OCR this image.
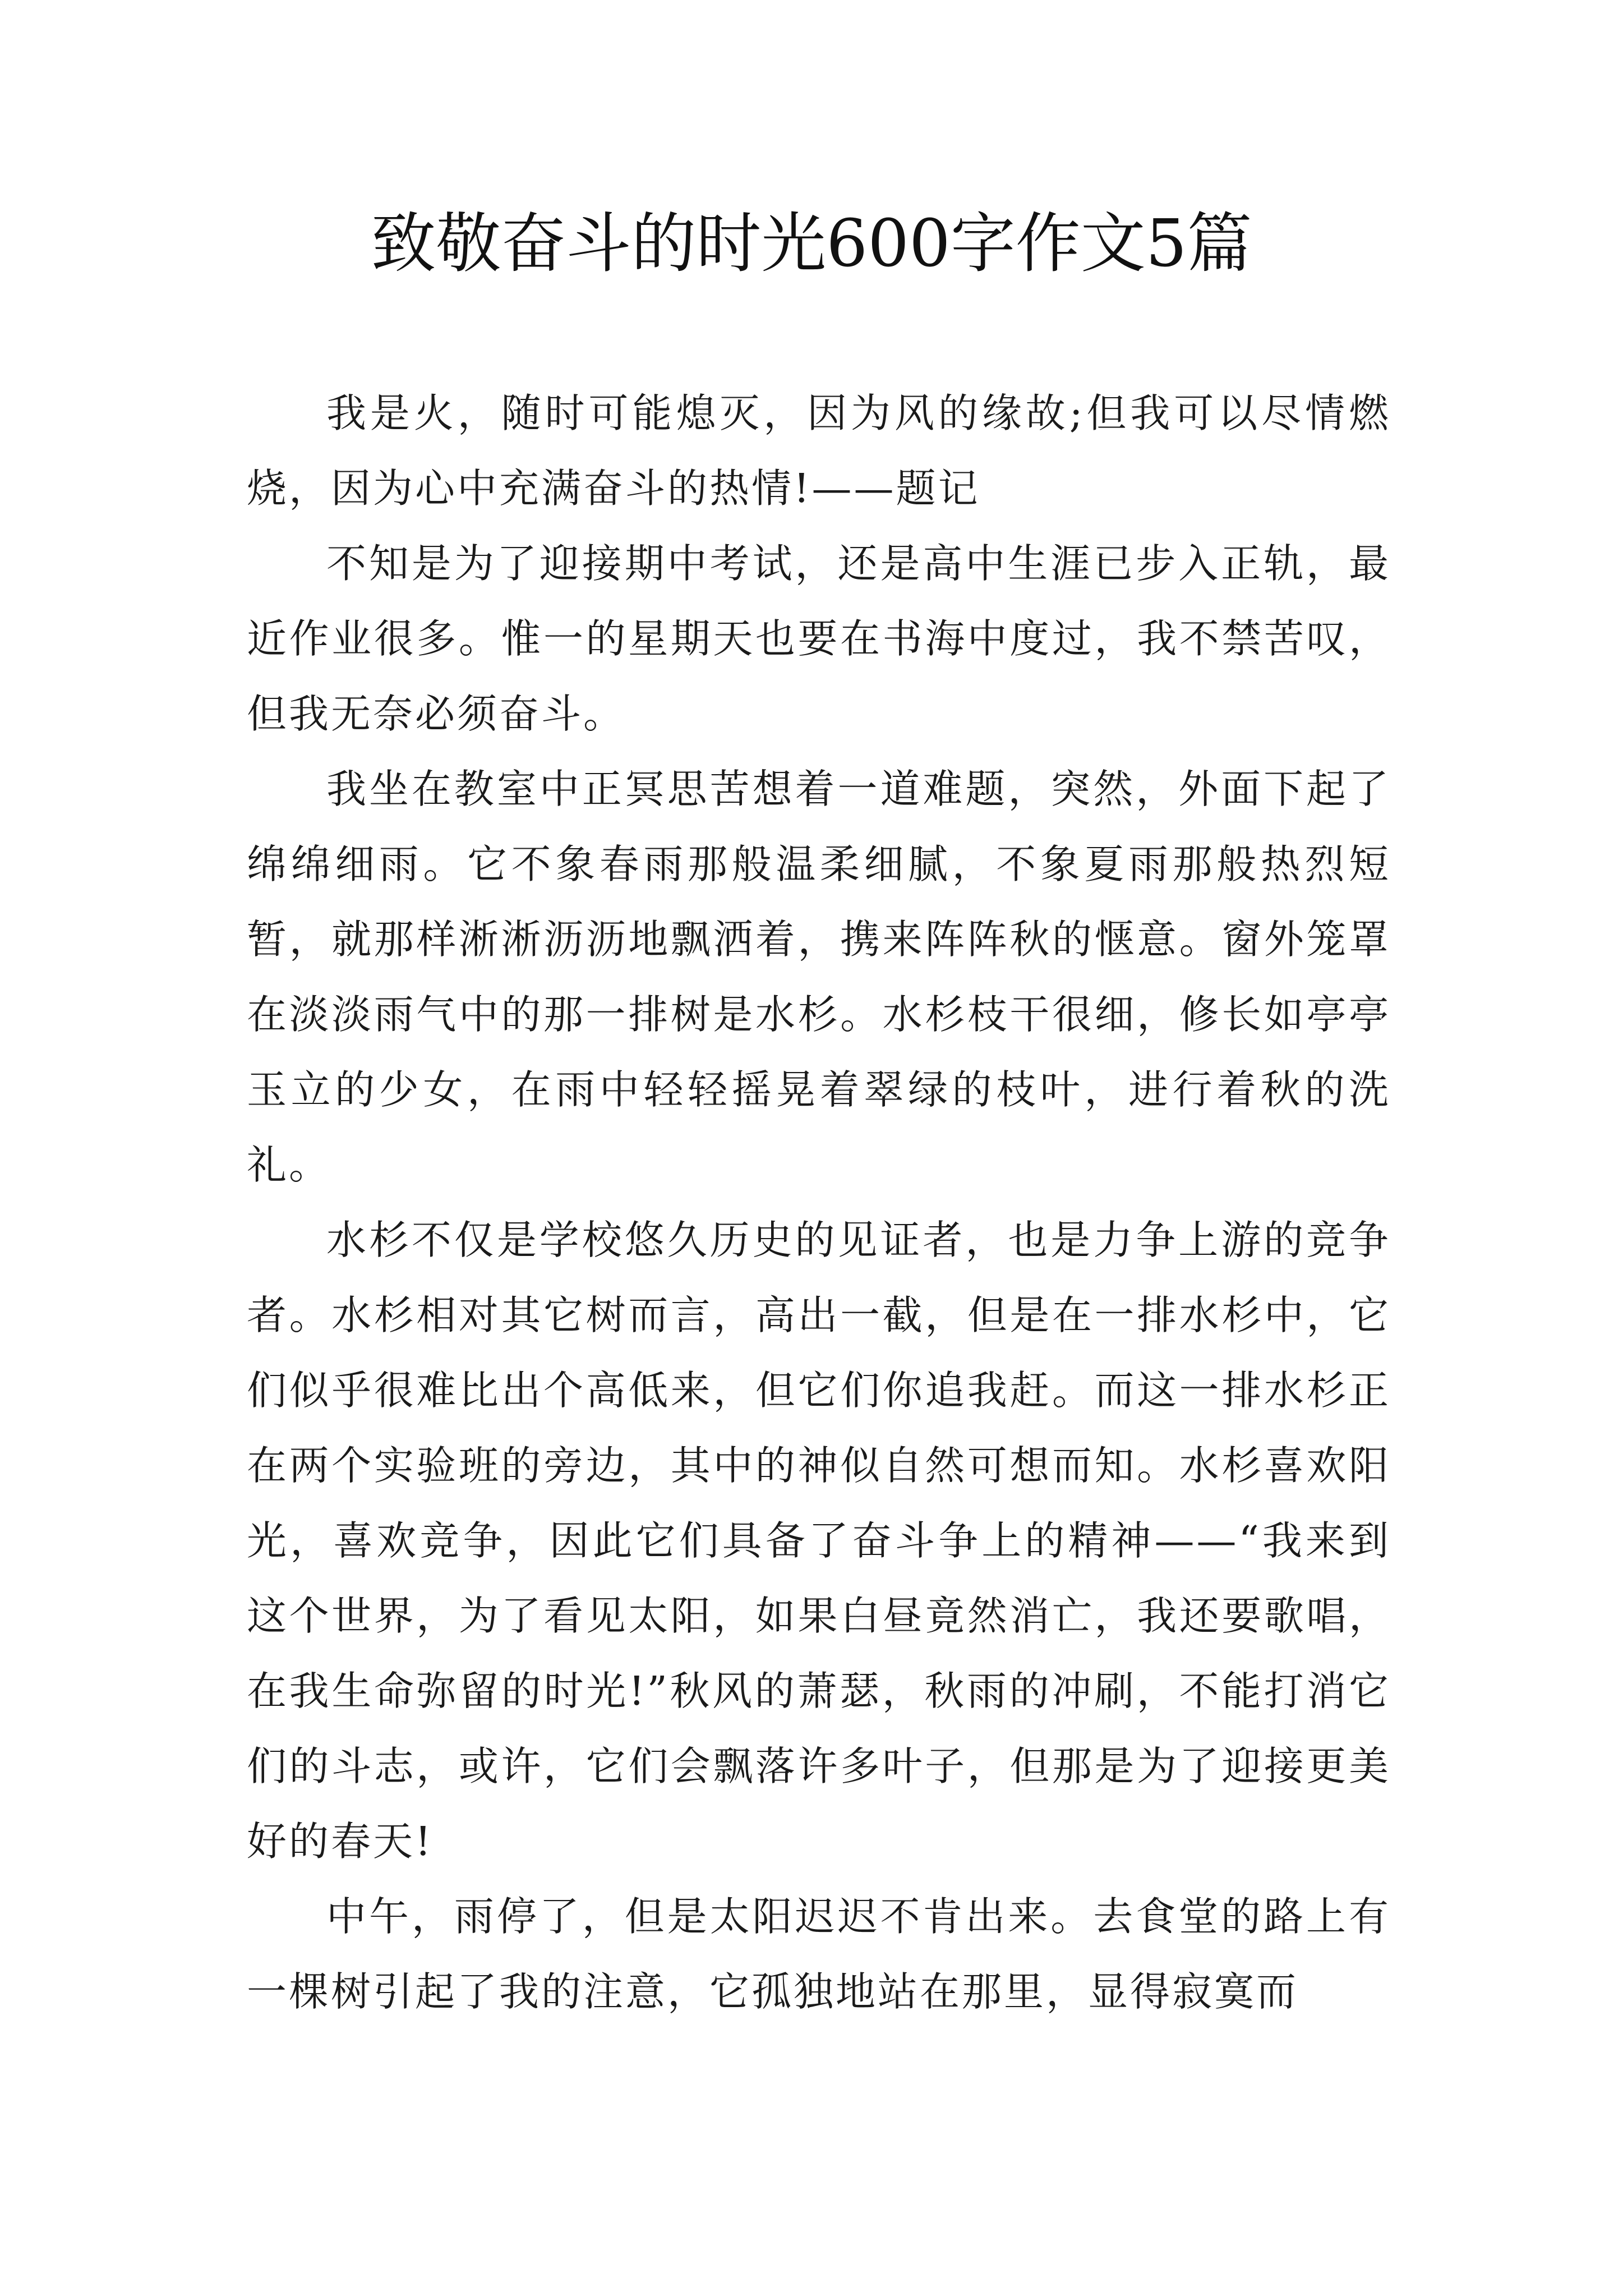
致敬奋斗的时光600字作文5篇

我是火，随时可能熄灭，因为风的缘故;但我可以尽情燃烧，因为心中充满奋斗的热情!——题记

不知是为了迎接期中考试，还是高中生涯已步入正轨，最近作业很多。惟一的星期天也要在书海中度过，我不禁苦叹，但我无奈必须奋斗。

我坐在教室中正冥思苦想着一道难题，突然，外面下起了绵绵细雨。它不象春雨那般温柔细腻，不象夏雨那般热烈短暂，就那样淅淅沥沥地飘洒着，携来阵阵秋的惬意。窗外笼罩在淡淡雨气中的那一排树是水杉。水杉枝干很细，修长如亭亭玉立的少女，在雨中轻轻摇晃着翠绿的枝叶，进行着秋的洗礼。

水杉不仅是学校悠久历史的见证者，也是力争上游的竞争者。水杉相对其它树而言，高出一截，但是在一排水杉中，它们似乎很难比出个高低来，但它们你追我赶。而这一排水杉正在两个实验班的旁边，其中的神似自然可想而知。水杉喜欢阳光，喜欢竞争，因此它们具备了奋斗争上的精神——“我来到这个世界，为了看见太阳，如果白昼竟然消亡，我还要歌唱，在我生命弥留的时光!”秋风的萧瑟，秋雨的冲刷，不能打消它们的斗志，或许，它们会飘落许多叶子，但那是为了迎接更美好的春天!

中午，雨停了，但是太阳迟迟不肯出来。去食堂的路上有一棵树引起了我的注意，它孤独地站在那里，显得寂寞而
